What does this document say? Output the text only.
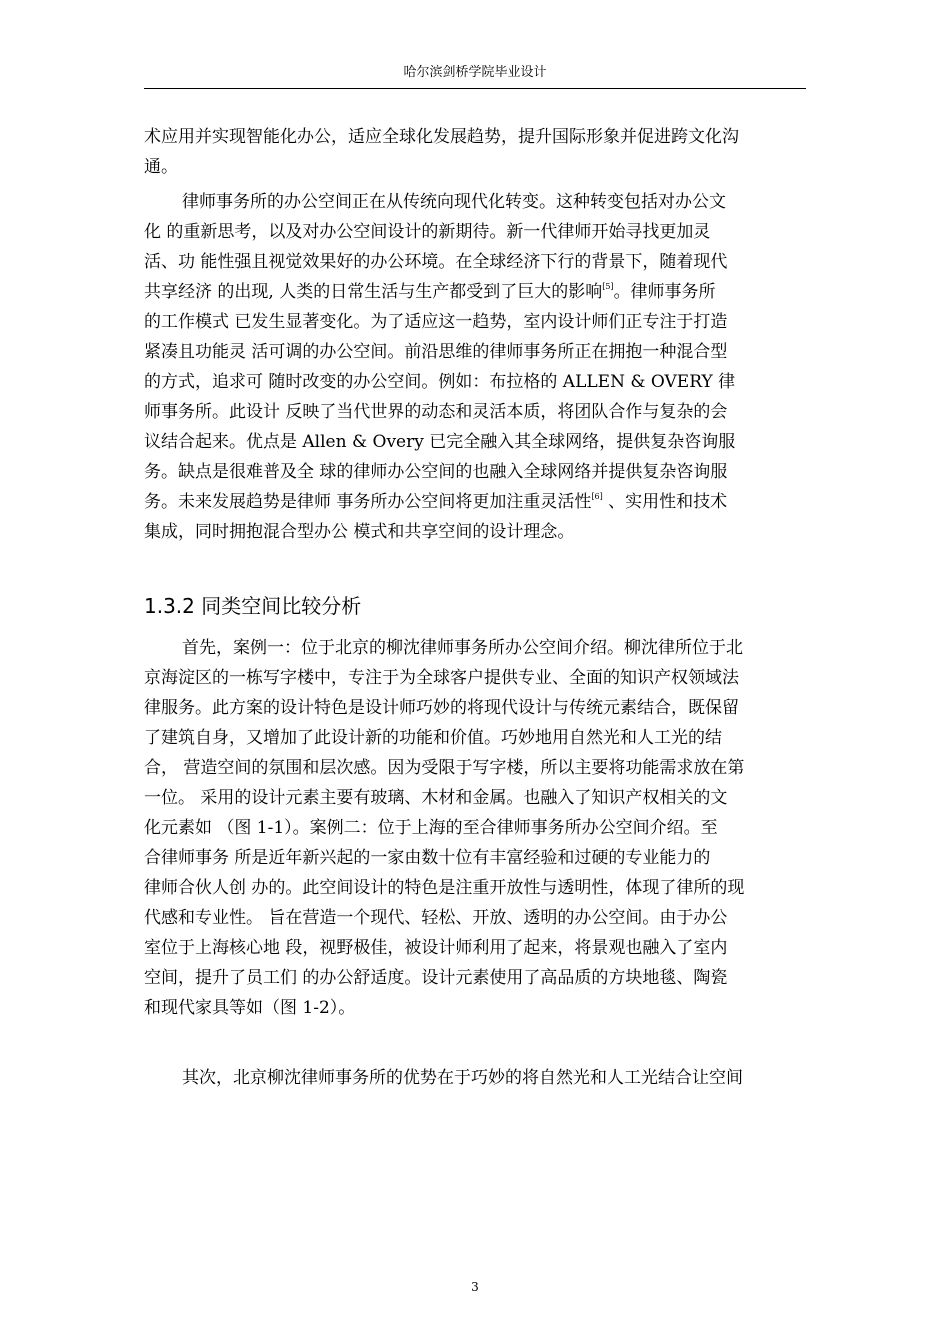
哈尔滨剑桥学院毕业设计
术应用并实现智能化办公，适应全球化发展趋势，提升国际形象并促进跨文化沟
通。
律师事务所的办公空间正在从传统向现代化转变。这种转变包括对办公文
化 的重新思考，以及对办公空间设计的新期待。新一代律师开始寻找更加灵
活、功 能性强且视觉效果好的办公环境。在全球经济下行的背景下，随着现代
共享经济 的出现, 人类的日常生活与生产都受到了巨大的影响[5]。律师事务所
的工作模式 已发生显著变化。为了适应这一趋势，室内设计师们正专注于打造
紧凑且功能灵 活可调的办公空间。前沿思维的律师事务所正在拥抱一种混合型
的方式，追求可 随时改变的办公空间。例如：布拉格的 ALLEN & OVERY 律
师事务所。此设计 反映了当代世界的动态和灵活本质，将团队合作与复杂的会
议结合起来。优点是 Allen & Overy 已完全融入其全球网络，提供复杂咨询服
务。缺点是很难普及全 球的律师办公空间的也融入全球网络并提供复杂咨询服
务。未来发展趋势是律师 事务所办公空间将更加注重灵活性[6] 、实用性和技术
集成，同时拥抱混合型办公 模式和共享空间的设计理念。
1.3.2 同类空间比较分析
首先，案例一：位于北京的柳沈律师事务所办公空间介绍。柳沈律所位于北
京海淀区的一栋写字楼中，专注于为全球客户提供专业、全面的知识产权领域法
律服务。此方案的设计特色是设计师巧妙的将现代设计与传统元素结合，既保留
了建筑自身，又增加了此设计新的功能和价值。巧妙地用自然光和人工光的结
合， 营造空间的氛围和层次感。因为受限于写字楼，所以主要将功能需求放在第
一位。 采用的设计元素主要有玻璃、木材和金属。也融入了知识产权相关的文
化元素如 （图 1-1）。案例二：位于上海的至合律师事务所办公空间介绍。至
合律师事务 所是近年新兴起的一家由数十位有丰富经验和过硬的专业能力的
律师合伙人创 办的。此空间设计的特色是注重开放性与透明性，体现了律所的现
代感和专业性。 旨在营造一个现代、轻松、开放、透明的办公空间。由于办公
室位于上海核心地 段，视野极佳，被设计师利用了起来，将景观也融入了室内
空间，提升了员工们 的办公舒适度。设计元素使用了高品质的方块地毯、陶瓷
和现代家具等如（图 1-2）。
其次，北京柳沈律师事务所的优势在于巧妙的将自然光和人工光结合让空间
3
